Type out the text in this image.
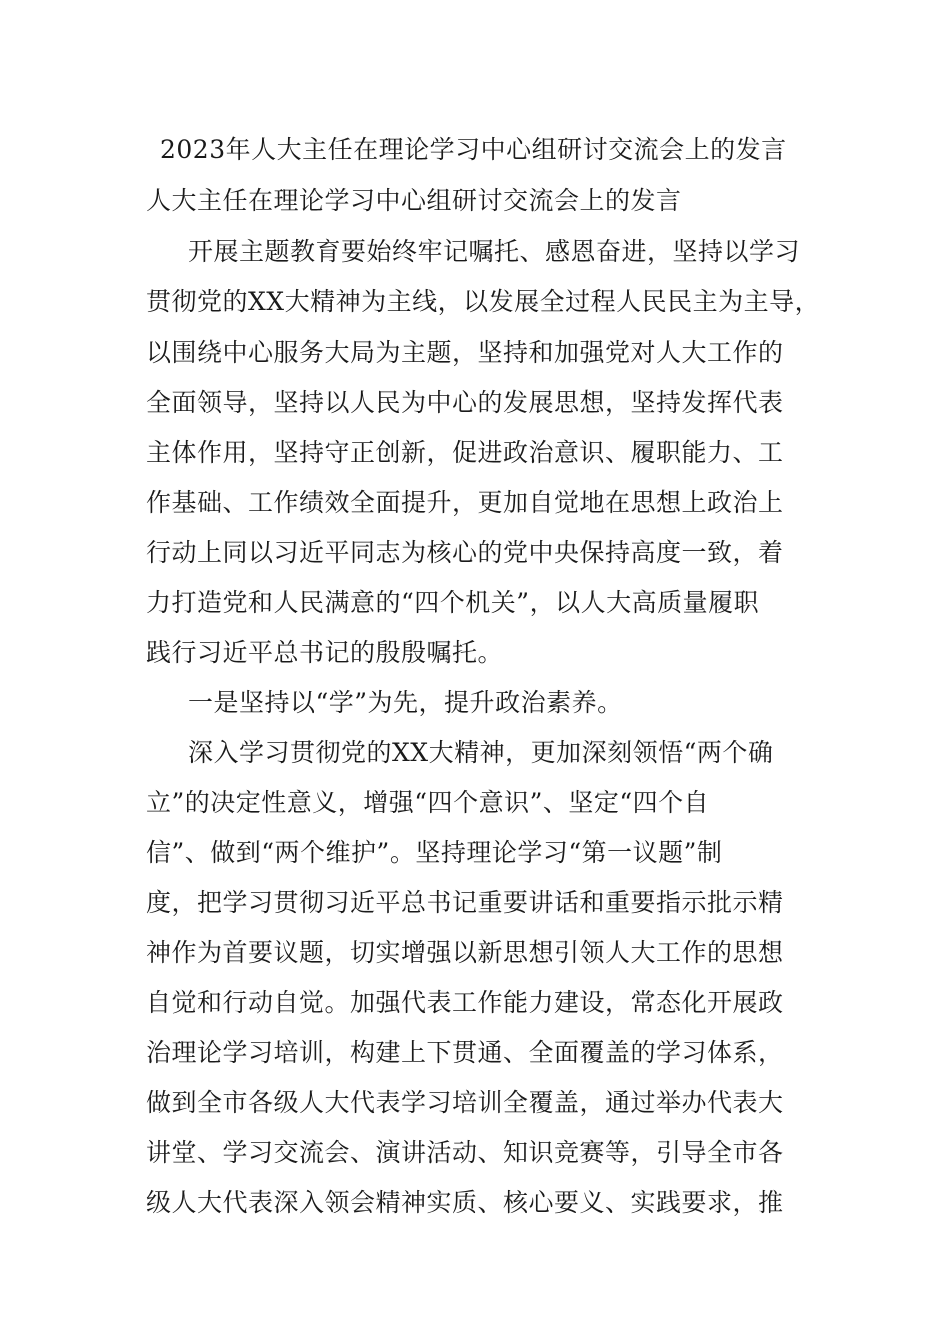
2023年人大主任在理论学习中心组研讨交流会上的发言
人大主任在理论学习中心组研讨交流会上的发言
开展主题教育要始终牢记嘱托、感恩奋进，坚持以学习
贯彻党的XX大精神为主线，以发展全过程人民民主为主导，
以围绕中心服务大局为主题，坚持和加强党对人大工作的
全面领导，坚持以人民为中心的发展思想，坚持发挥代表
主体作用，坚持守正创新，促进政治意识、履职能力、工
作基础、工作绩效全面提升，更加自觉地在思想上政治上
行动上同以习近平同志为核心的党中央保持高度一致，着
力打造党和人民满意的“四个机关”，以人大高质量履职
践行习近平总书记的殷殷嘱托。
一是坚持以“学”为先，提升政治素养。
深入学习贯彻党的XX大精神，更加深刻领悟“两个确
立”的决定性意义，增强“四个意识”、坚定“四个自
信”、做到“两个维护”。坚持理论学习“第一议题”制
度，把学习贯彻习近平总书记重要讲话和重要指示批示精
神作为首要议题，切实增强以新思想引领人大工作的思想
自觉和行动自觉。加强代表工作能力建设，常态化开展政
治理论学习培训，构建上下贯通、全面覆盖的学习体系，
做到全市各级人大代表学习培训全覆盖，通过举办代表大
讲堂、学习交流会、演讲活动、知识竞赛等，引导全市各
级人大代表深入领会精神实质、核心要义、实践要求，推
